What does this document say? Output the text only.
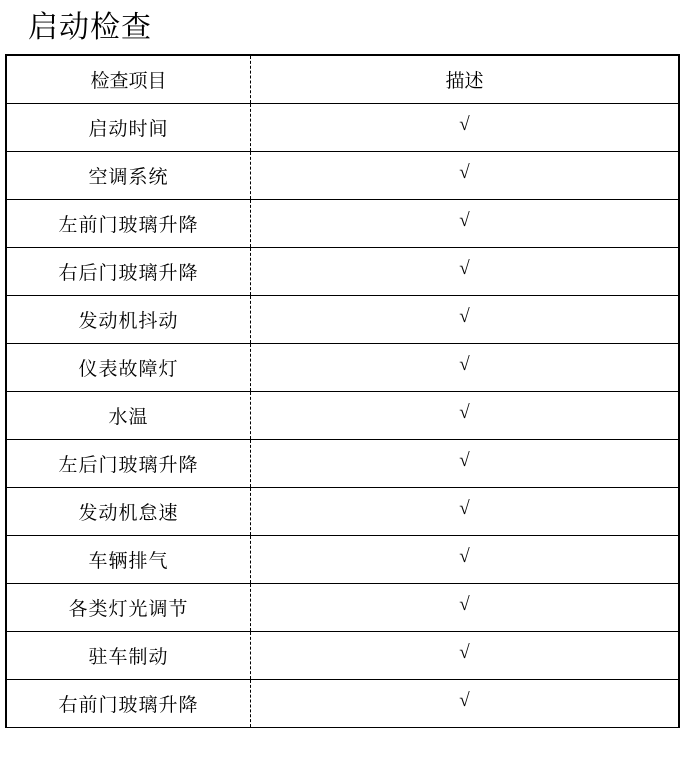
启动检查
检查项目	描述
启动时间	√
空调系统	√
左前门玻璃升降	√
右后门玻璃升降	√
发动机抖动	√
仪表故障灯	√
水温	√
左后门玻璃升降	√
发动机怠速	√
车辆排气	√
各类灯光调节	√
驻车制动	√
右前门玻璃升降	√
